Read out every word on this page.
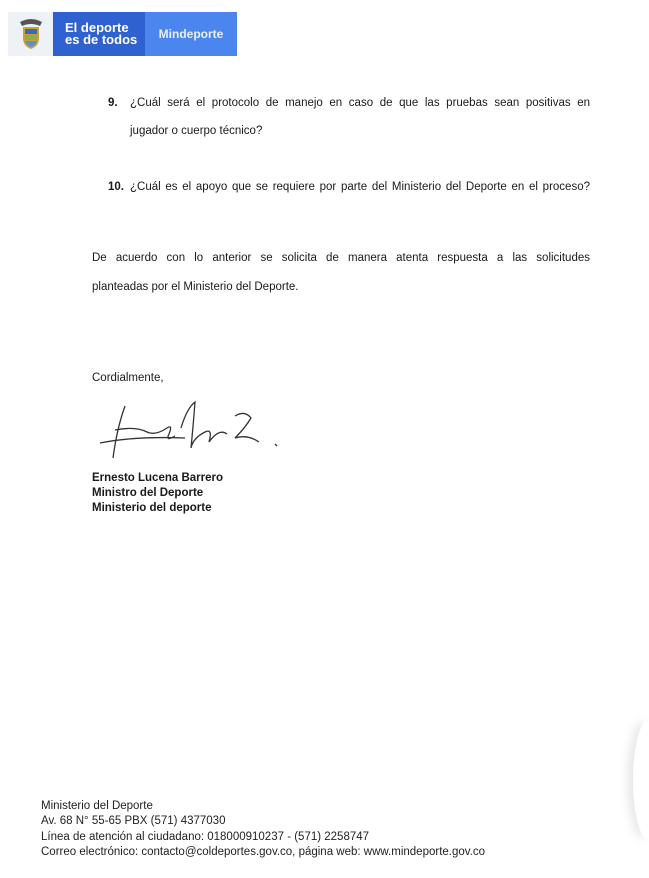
El deporte
es de todos	Mindeporte
9. ¿Cuál será el protocolo de manejo en caso de que las pruebas sean positivas en
jugador o cuerpo técnico?
10. ¿Cuál es el apoyo que se requiere por parte del Ministerio del Deporte en el proceso?
De acuerdo con lo anterior se solicita de manera atenta respuesta a las solicitudes
planteadas por el Ministerio del Deporte.
Cordialmente,
Ernesto Lucena Barrero
Ministro del Deporte
Ministerio del deporte
Ministerio del Deporte
Av. 68 N° 55-65 PBX (571) 4377030
Línea de atención al ciudadano: 018000910237 - (571) 2258747
Correo electrónico: contacto@coldeportes.gov.co, página web: www.mindeporte.gov.co
